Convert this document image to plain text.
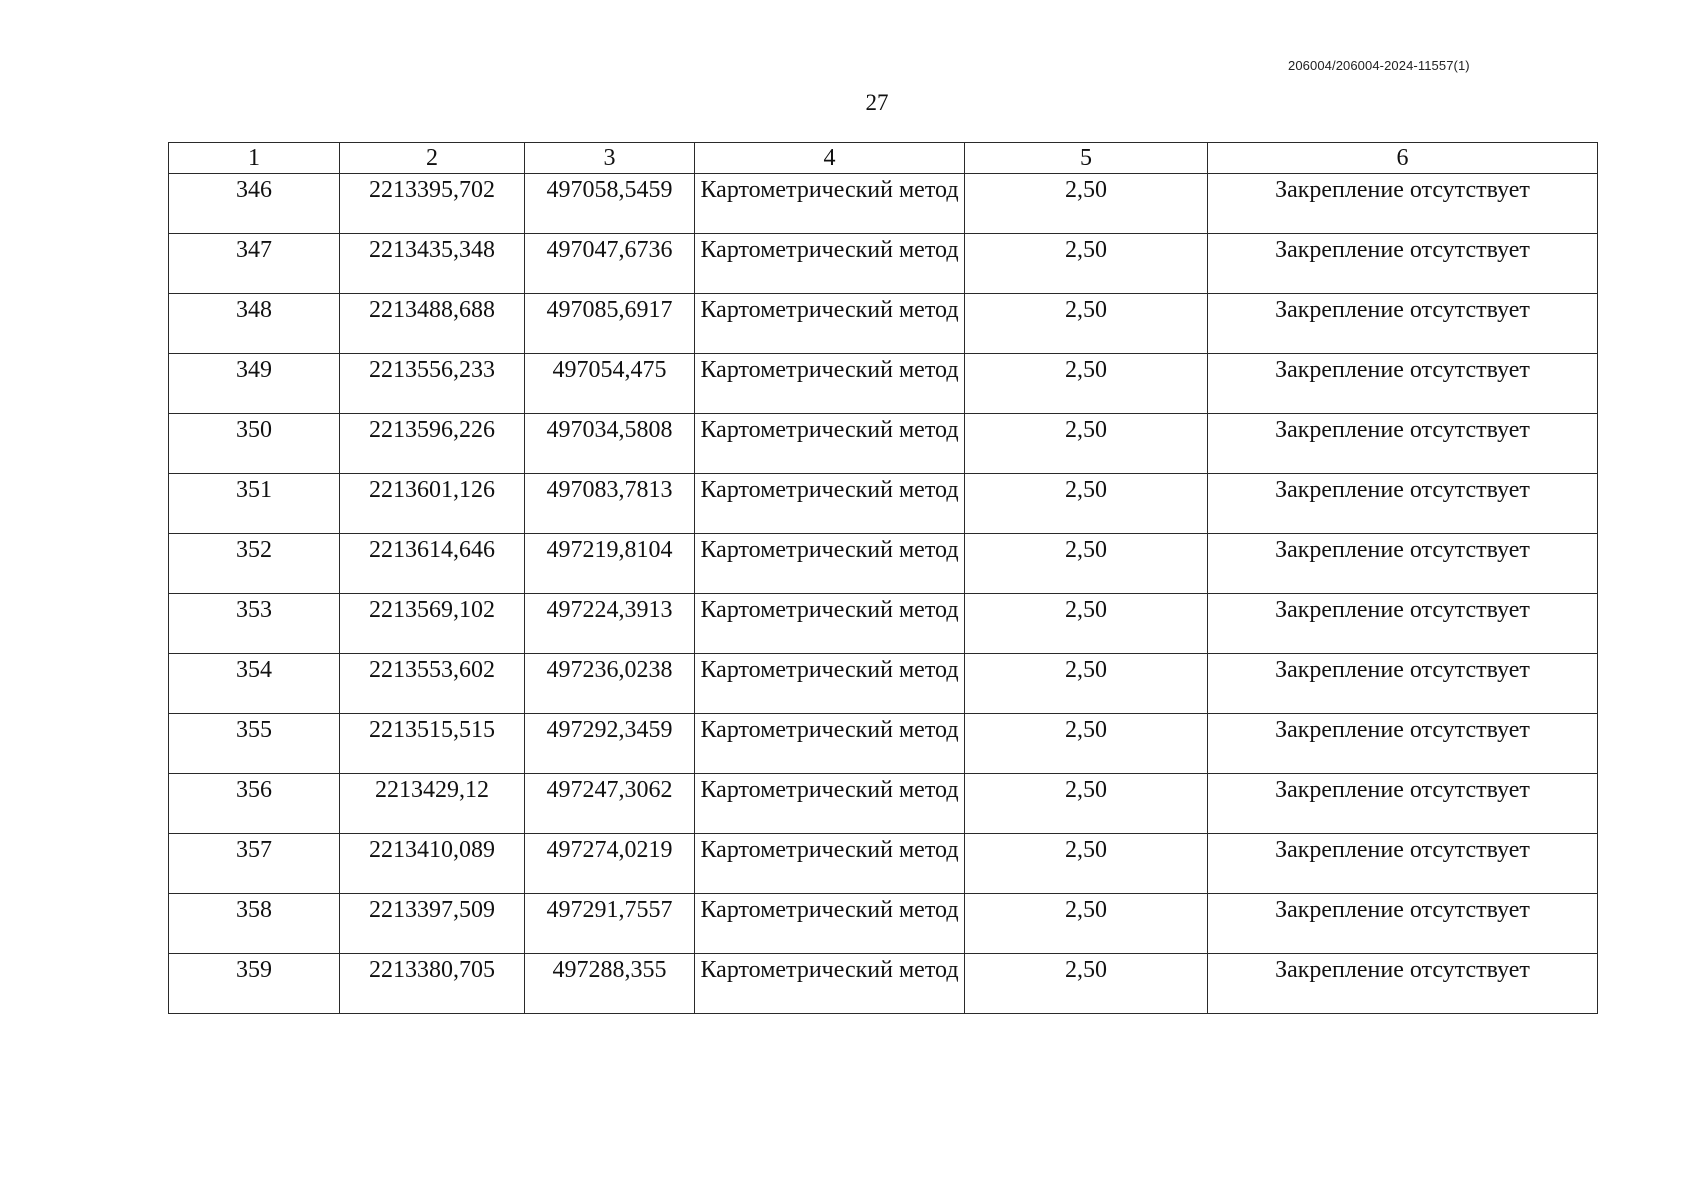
206004/206004-2024-11557(1)
27
1	2	3	4	5	6
346	2213395,702	497058,5459	Картометрический метод	2,50	Закрепление отсутствует
347	2213435,348	497047,6736	Картометрический метод	2,50	Закрепление отсутствует
348	2213488,688	497085,6917	Картометрический метод	2,50	Закрепление отсутствует
349	2213556,233	497054,475	Картометрический метод	2,50	Закрепление отсутствует
350	2213596,226	497034,5808	Картометрический метод	2,50	Закрепление отсутствует
351	2213601,126	497083,7813	Картометрический метод	2,50	Закрепление отсутствует
352	2213614,646	497219,8104	Картометрический метод	2,50	Закрепление отсутствует
353	2213569,102	497224,3913	Картометрический метод	2,50	Закрепление отсутствует
354	2213553,602	497236,0238	Картометрический метод	2,50	Закрепление отсутствует
355	2213515,515	497292,3459	Картометрический метод	2,50	Закрепление отсутствует
356	2213429,12	497247,3062	Картометрический метод	2,50	Закрепление отсутствует
357	2213410,089	497274,0219	Картометрический метод	2,50	Закрепление отсутствует
358	2213397,509	497291,7557	Картометрический метод	2,50	Закрепление отсутствует
359	2213380,705	497288,355	Картометрический метод	2,50	Закрепление отсутствует
